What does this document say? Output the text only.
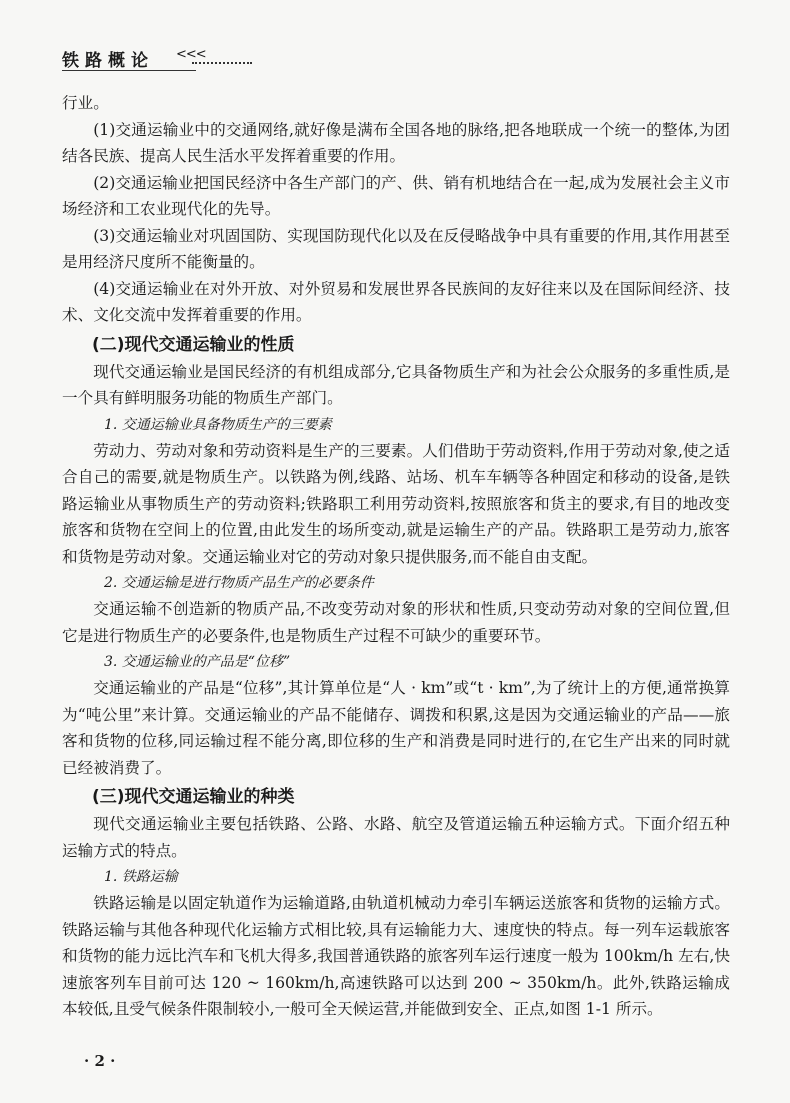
铁路概论 <<<

行业。

(1)交通运输业中的交通网络,就好像是满布全国各地的脉络,把各地联成一个统一的整体,为团结各民族、提高人民生活水平发挥着重要的作用。

(2)交通运输业把国民经济中各生产部门的产、供、销有机地结合在一起,成为发展社会主义市场经济和工农业现代化的先导。

(3)交通运输业对巩固国防、实现国防现代化以及在反侵略战争中具有重要的作用,其作用甚至是用经济尺度所不能衡量的。

(4)交通运输业在对外开放、对外贸易和发展世界各民族间的友好往来以及在国际间经济、技术、文化交流中发挥着重要的作用。

(二)现代交通运输业的性质

现代交通运输业是国民经济的有机组成部分,它具备物质生产和为社会公众服务的多重性质,是一个具有鲜明服务功能的物质生产部门。

1. 交通运输业具备物质生产的三要素

劳动力、劳动对象和劳动资料是生产的三要素。人们借助于劳动资料,作用于劳动对象,使之适合自己的需要,就是物质生产。以铁路为例,线路、站场、机车车辆等各种固定和移动的设备,是铁路运输业从事物质生产的劳动资料;铁路职工利用劳动资料,按照旅客和货主的要求,有目的地改变旅客和货物在空间上的位置,由此发生的场所变动,就是运输生产的产品。铁路职工是劳动力,旅客和货物是劳动对象。交通运输业对它的劳动对象只提供服务,而不能自由支配。

2. 交通运输是进行物质产品生产的必要条件

交通运输不创造新的物质产品,不改变劳动对象的形状和性质,只变动劳动对象的空间位置,但它是进行物质生产的必要条件,也是物质生产过程不可缺少的重要环节。

3. 交通运输业的产品是“位移”

交通运输业的产品是“位移”,其计算单位是“人 · km”或“t · km”,为了统计上的方便,通常换算为“吨公里”来计算。交通运输业的产品不能储存、调拨和积累,这是因为交通运输业的产品——旅客和货物的位移,同运输过程不能分离,即位移的生产和消费是同时进行的,在它生产出来的同时就已经被消费了。

(三)现代交通运输业的种类

现代交通运输业主要包括铁路、公路、水路、航空及管道运输五种运输方式。下面介绍五种运输方式的特点。

1. 铁路运输

铁路运输是以固定轨道作为运输道路,由轨道机械动力牵引车辆运送旅客和货物的运输方式。铁路运输与其他各种现代化运输方式相比较,具有运输能力大、速度快的特点。每一列车运载旅客和货物的能力远比汽车和飞机大得多,我国普通铁路的旅客列车运行速度一般为 100km/h 左右,快速旅客列车目前可达 120 ~ 160km/h,高速铁路可以达到 200 ~ 350km/h。此外,铁路运输成本较低,且受气候条件限制较小,一般可全天候运营,并能做到安全、正点,如图 1-1 所示。

· 2 ·
